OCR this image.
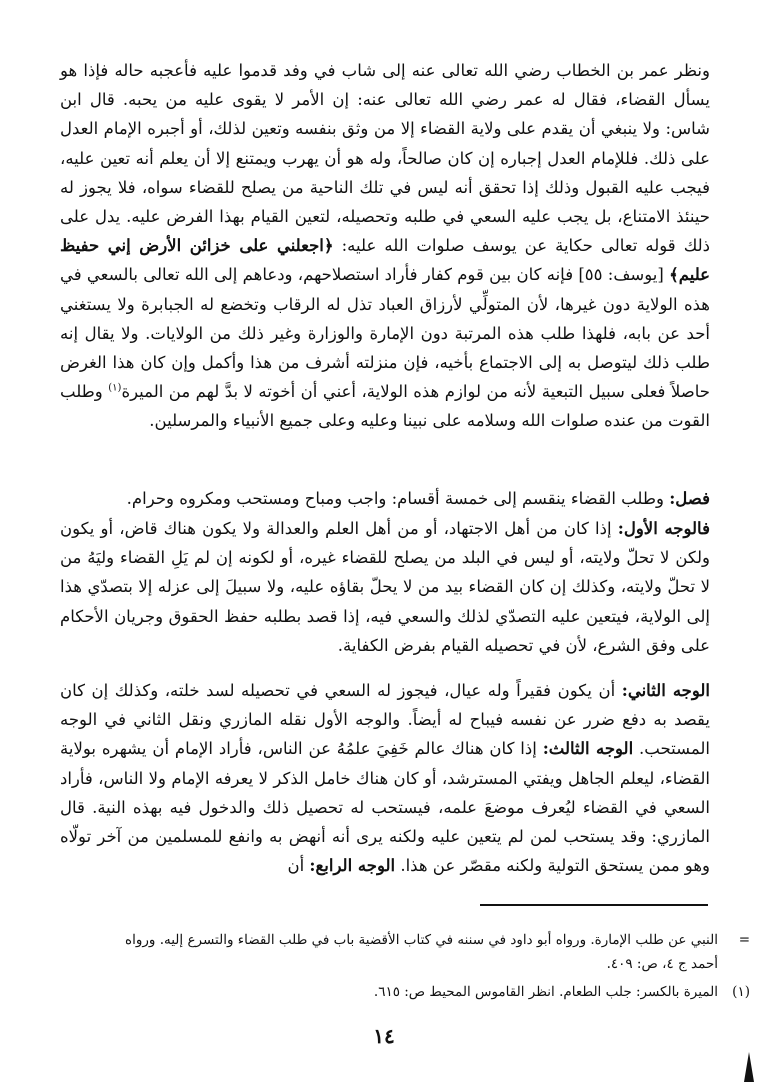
ونظر عمر بن الخطاب رضي الله تعالى عنه إلى شاب في وفد قدموا عليه فأعجبه حاله فإذا هو يسأل القضاء، فقال له عمر رضي الله تعالى عنه: إن الأمر لا يقوى عليه من يحبه. قال ابن شاس: ولا ينبغي أن يقدم على ولاية القضاء إلا من وثق بنفسه وتعين لذلك، أو أجبره الإمام العدل على ذلك. فللإمام العدل إجباره إن كان صالحاً، وله هو أن يهرب ويمتنع إلا أن يعلم أنه تعين عليه، فيجب عليه القبول وذلك إذا تحقق أنه ليس في تلك الناحية من يصلح للقضاء سواه، فلا يجوز له حينئذ الامتناع، بل يجب عليه السعي في طلبه وتحصيله، لتعين القيام بهذا الفرض عليه. يدل على ذلك قوله تعالى حكاية عن يوسف صلوات الله عليه: ﴿اجعلني على خزائن الأرض إني حفيظ عليم﴾ [يوسف: ٥٥] فإنه كان بين قوم كفار فأراد استصلاحهم، ودعاهم إلى الله تعالى بالسعي في هذه الولاية دون غيرها، لأن المتولِّي لأرزاق العباد تذل له الرقاب وتخضع له الجبابرة ولا يستغني أحد عن بابه، فلهذا طلب هذه المرتبة دون الإمارة والوزارة وغير ذلك من الولايات. ولا يقال إنه طلب ذلك ليتوصل به إلى الاجتماع بأخيه، فإن منزلته أشرف من هذا وأكمل وإن كان هذا الغرض حاصلاً فعلى سبيل التبعية لأنه من لوازم هذه الولاية، أعني أن أخوته لا بدَّ لهم من الميرة$^{(١)}$ وطلب القوت من عنده صلوات الله وسلامه على نبينا وعليه وعلى جميع الأنبياء والمرسلين.
فصل: وطلب القضاء ينقسم إلى خمسة أقسام: واجب ومباح ومستحب ومكروه وحرام.
فالوجه الأول: إذا كان من أهل الاجتهاد، أو من أهل العلم والعدالة ولا يكون هناك قاض، أو يكون ولكن لا تحلّ ولايته، أو ليس في البلد من يصلح للقضاء غيره، أو لكونه إن لم يَلِ القضاء وليَهُ من لا تحلّ ولايته، وكذلك إن كان القضاء بيد من لا يحلّ بقاؤه عليه، ولا سبيلَ إلى عزله إلا بتصدّي هذا إلى الولاية، فيتعين عليه التصدّي لذلك والسعي فيه، إذا قصد بطلبه حفظ الحقوق وجريان الأحكام على وفق الشرع، لأن في تحصيله القيام بفرض الكفاية.
الوجه الثاني: أن يكون فقيراً وله عيال، فيجوز له السعي في تحصيله لسد خلته، وكذلك إن كان يقصد به دفع ضرر عن نفسه فيباح له أيضاً. والوجه الأول نقله المازري ونقل الثاني في الوجه المستحب. الوجه الثالث: إذا كان هناك عالم خَفِيَ علمُهُ عن الناس، فأراد الإمام أن يشهره بولاية القضاء، ليعلم الجاهل ويفتي المسترشد، أو كان هناك خامل الذكر لا يعرفه الإمام ولا الناس، فأراد السعي في القضاء ليُعرف موضعَ علمه، فيستحب له تحصيل ذلك والدخول فيه بهذه النية. قال المازري: وقد يستحب لمن لم يتعين عليه ولكنه يرى أنه أنهض به وانفع للمسلمين من آخر تولّاه وهو ممن يستحق التولية ولكنه مقصّر عن هذا. الوجه الرابع: أن
=
النبي عن طلب الإمارة. ورواه أبو داود في سننه في كتاب الأقضية باب في طلب القضاء والتسرع إليه. ورواه أحمد ج ٤، ص: ٤٠٩.
(١)
الميرة بالكسر: جلب الطعام. انظر القاموس المحيط ص: ٦١٥.
١٤
